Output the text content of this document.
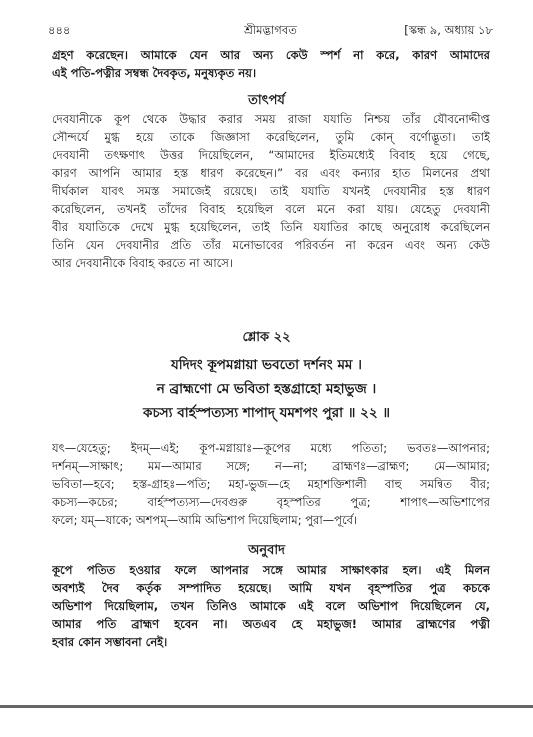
৪৪৪	শ্রীমদ্ভাগবত	[স্কন্ধ ৯, অধ্যায় ১৮

গ্রহণ করেছেন। আমাকে যেন আর অন্য কেউ স্পর্শ না করে, কারণ আমাদের

এই পতি-পত্নীর সম্বন্ধ দৈবকৃত, মনুষ্যকৃত নয়।

তাৎপর্য

দেবযানীকে কূপ থেকে উদ্ধার করার সময় রাজা যযাতি নিশ্চয় তাঁর যৌবনোদ্দীপ্ত

সৌন্দর্যে মুগ্ধ হয়ে তাকে জিজ্ঞাসা করেছিলেন, তুমি কোন্ বর্ণোদ্ভূতা। তাই

দেবযানী তৎক্ষণাৎ উত্তর দিয়েছিলেন, “আমাদের ইতিমধ্যেই বিবাহ হয়ে গেছে,

কারণ আপনি আমার হস্ত ধারণ করেছেন।” বর এবং কন্যার হাত মিলনের প্রথা

দীর্ঘকাল যাবৎ সমস্ত সমাজেই রয়েছে। তাই যযাতি যখনই দেবযানীর হস্ত ধারণ

করেছিলেন, তখনই তাঁদের বিবাহ হয়েছিল বলে মনে করা যায়। যেহেতু দেবযানী

বীর যযাতিকে দেখে মুগ্ধ হয়েছিলেন, তাই তিনি যযাতির কাছে অনুরোধ করেছিলেন

তিনি যেন দেবযানীর প্রতি তাঁর মনোভাবের পরিবর্তন না করেন এবং অন্য কেউ

আর দেবযানীকে বিবাহ করতে না আসে।

শ্লোক ২২

যদিদং কূপমগ্নায়া ভবতো দর্শনং মম ।

ন ব্রাহ্মণো মে ভবিতা হস্তগ্রাহো মহাভুজ ।

কচস্য বার্হস্পত্যস্য শাপাদ্ যমশপং পুরা ॥ ২২ ॥

যৎ—যেহেতু; ইদম্—এই; কূপ-মগ্নায়াঃ—কূপের মধ্যে পতিতা; ভবতঃ—আপনার;

দর্শনম্—সাক্ষাৎ; মম—আমার সঙ্গে; ন—না; ব্রাহ্মণঃ—ব্রাহ্মণ; মে—আমার;

ভবিতা—হবে; হস্ত-গ্রাহঃ—পতি; মহা-ভুজ—হে মহাশক্তিশালী বাহু সমন্বিত বীর;

কচস্য—কচের; বার্হস্পত্যস্য—দেবগুরু বৃহস্পতির পুত্র; শাপাৎ—অভিশাপের

ফলে; যম্—যাকে; অশপম্—আমি অভিশাপ দিয়েছিলাম; পুরা—পূর্বে।

অনুবাদ

কূপে পতিত হওয়ার ফলে আপনার সঙ্গে আমার সাক্ষাৎকার হল। এই মিলন

অবশ্যই দৈব কর্তৃক সম্পাদিত হয়েছে। আমি যখন বৃহস্পতির পুত্র কচকে

অভিশাপ দিয়েছিলাম, তখন তিনিও আমাকে এই বলে অভিশাপ দিয়েছিলেন যে,

আমার পতি ব্রাহ্মণ হবেন না। অতএব হে মহাভুজ! আমার ব্রাহ্মণের পত্নী

হবার কোন সম্ভাবনা নেই।
